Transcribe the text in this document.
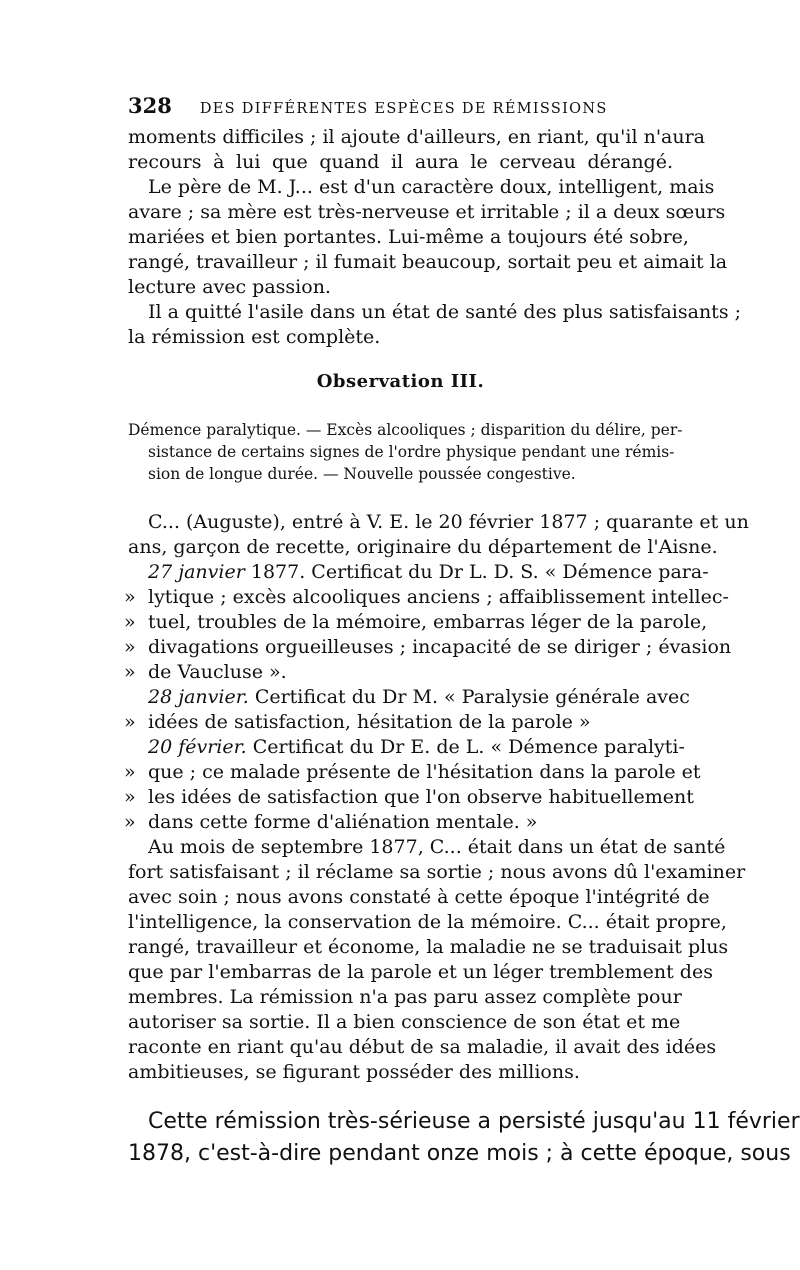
328 DES DIFFÉRENTES ESPÈCES DE RÉMISSIONS
moments difficiles ; il ajoute d'ailleurs, en riant, qu'il n'aura
recours à lui que quand il aura le cerveau dérangé.
Le père de M. J... est d'un caractère doux, intelligent, mais
avare ; sa mère est très-nerveuse et irritable ; il a deux sœurs
mariées et bien portantes. Lui-même a toujours été sobre,
rangé, travailleur ; il fumait beaucoup, sortait peu et aimait la
lecture avec passion.
Il a quitté l'asile dans un état de santé des plus satisfaisants ;
la rémission est complète.
Observation III.
Démence paralytique. — Excès alcooliques ; disparition du délire, per-
sistance de certains signes de l'ordre physique pendant une rémis-
sion de longue durée. — Nouvelle poussée congestive.
C... (Auguste), entré à V. E. le 20 février 1877 ; quarante et un
ans, garçon de recette, originaire du département de l'Aisne.
27 janvier 1877. Certificat du Dr L. D. S. « Démence para-
» lytique ; excès alcooliques anciens ; affaiblissement intellec-
» tuel, troubles de la mémoire, embarras léger de la parole,
» divagations orgueilleuses ; incapacité de se diriger ; évasion
» de Vaucluse ».
28 janvier. Certificat du Dr M. « Paralysie générale avec
» idées de satisfaction, hésitation de la parole »
20 février. Certificat du Dr E. de L. « Démence paralyti-
» que ; ce malade présente de l'hésitation dans la parole et
» les idées de satisfaction que l'on observe habituellement
» dans cette forme d'aliénation mentale. »
Au mois de septembre 1877, C... était dans un état de santé
fort satisfaisant ; il réclame sa sortie ; nous avons dû l'examiner
avec soin ; nous avons constaté à cette époque l'intégrité de
l'intelligence, la conservation de la mémoire. C... était propre,
rangé, travailleur et économe, la maladie ne se traduisait plus
que par l'embarras de la parole et un léger tremblement des
membres. La rémission n'a pas paru assez complète pour
autoriser sa sortie. Il a bien conscience de son état et me
raconte en riant qu'au début de sa maladie, il avait des idées
ambitieuses, se figurant posséder des millions.
Cette rémission très-sérieuse a persisté jusqu'au 11 février
1878, c'est-à-dire pendant onze mois ; à cette époque, sous
